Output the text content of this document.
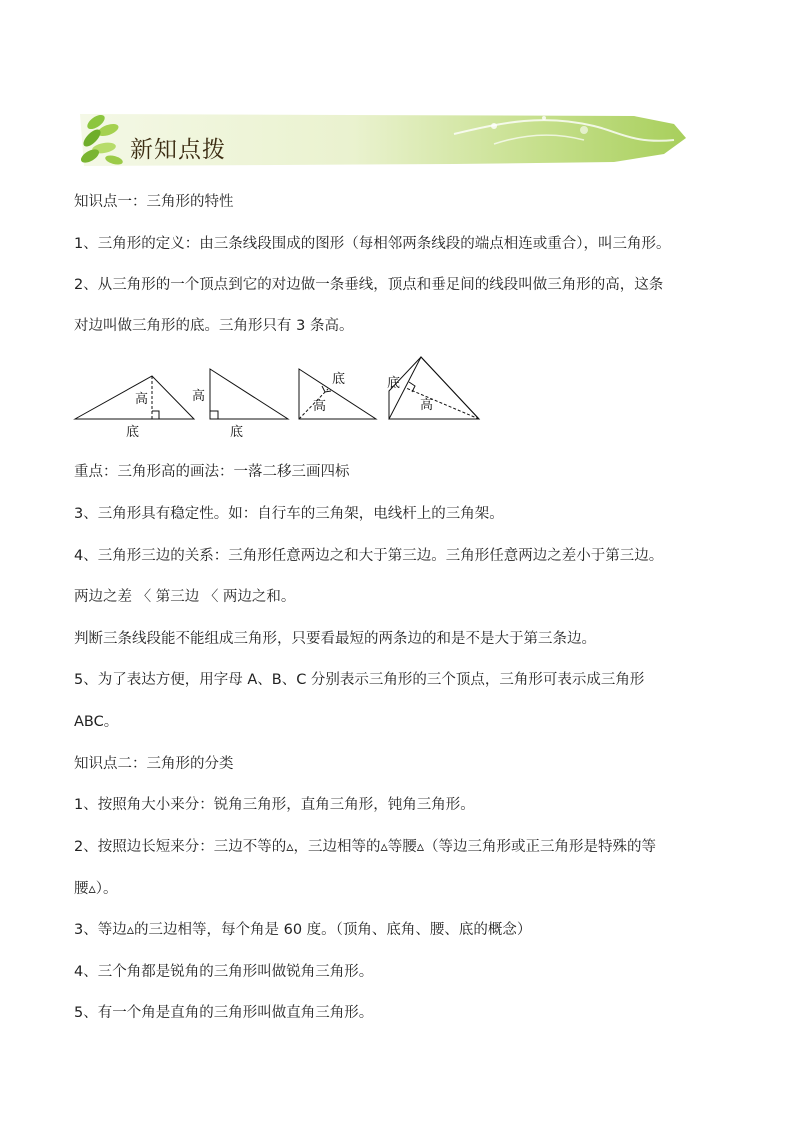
新知点拨
知识点一：三角形的特性
1、三角形的定义：由三条线段围成的图形（每相邻两条线段的端点相连或重合），叫三角形。
2、从三角形的一个顶点到它的对边做一条垂线，顶点和垂足间的线段叫做三角形的高，这条
对边叫做三角形的底。三角形只有 3 条高。
高
底
高
底
底
高
底
高
重点：三角形高的画法：一落二移三画四标
3、三角形具有稳定性。如：自行车的三角架，电线杆上的三角架。
4、三角形三边的关系：三角形任意两边之和大于第三边。三角形任意两边之差小于第三边。
两边之差 〈 第三边 〈 两边之和。
判断三条线段能不能组成三角形，只要看最短的两条边的和是不是大于第三条边。
5、为了表达方便，用字母 A、B、C 分别表示三角形的三个顶点，三角形可表示成三角形
ABC。
知识点二：三角形的分类
1、按照角大小来分：锐角三角形，直角三角形，钝角三角形。
2、按照边长短来分：三边不等的▵，三边相等的▵等腰▵（等边三角形或正三角形是特殊的等
腰▵）。
3、等边▵的三边相等，每个角是 60 度。（顶角、底角、腰、底的概念）
4、三个角都是锐角的三角形叫做锐角三角形。
5、有一个角是直角的三角形叫做直角三角形。
